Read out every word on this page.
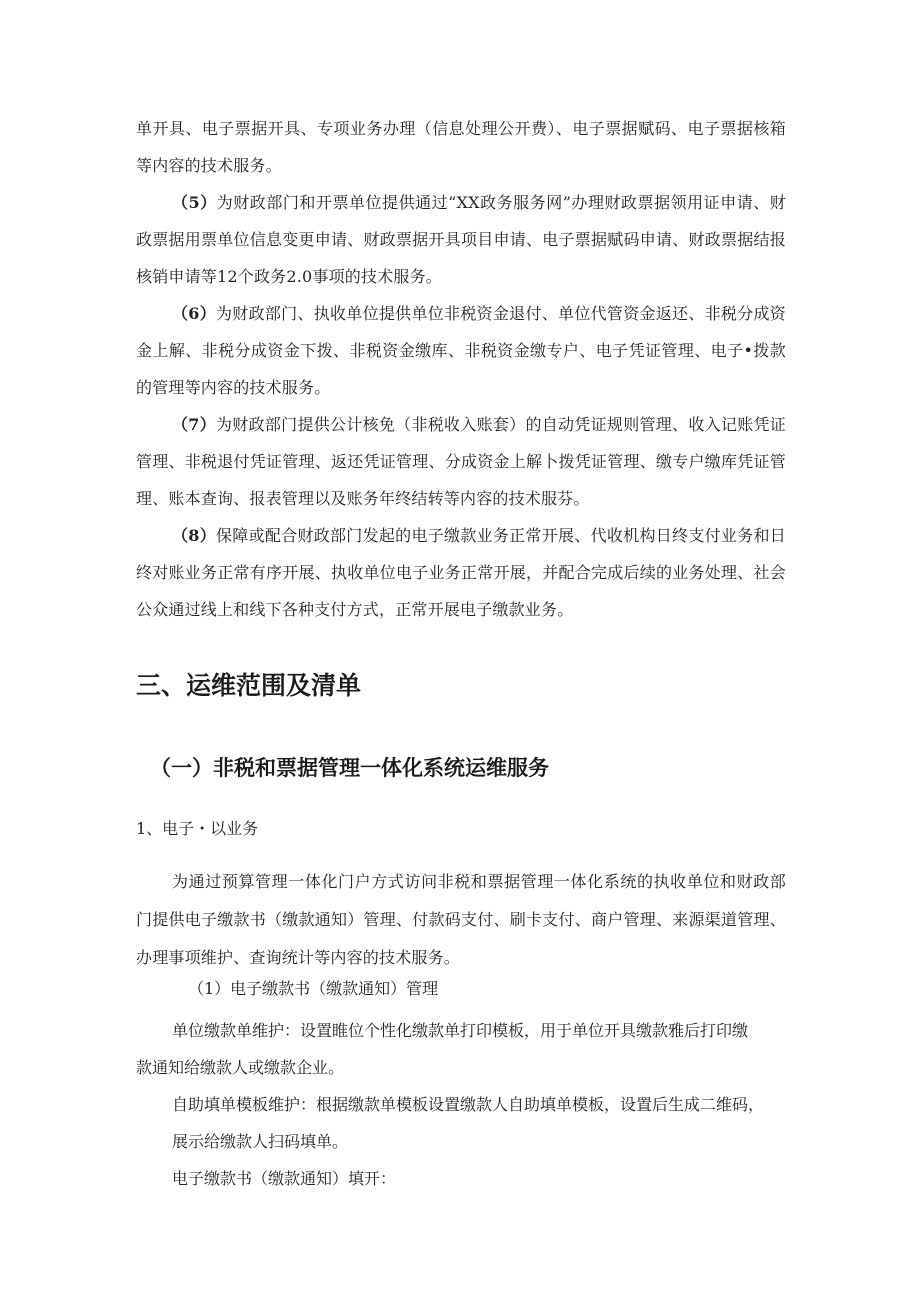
单开具、电子票据开具、专项业务办理（信息处理公开费）、电子票据赋码、电子票据核箱等内容的技术服务。

（5）为财政部门和开票单位提供通过“XX政务服务网”办理财政票据领用证申请、财政票据用票单位信息变更申请、财政票据开具项目申请、电子票据赋码申请、财政票据结报核销申请等12个政务2.0事项的技术服务。

（6）为财政部门、执收单位提供单位非税资金退付、单位代管资金返还、非税分成资金上解、非税分成资金下拨、非税资金缴库、非税资金缴专户、电子凭证管理、电子•拨款的管理等内容的技术服务。

（7）为财政部门提供公计核免（非税收入账套）的自动凭证规则管理、收入记账凭证管理、非税退付凭证管理、返还凭证管理、分成资金上解卜拨凭证管理、缴专户缴库凭证管理、账本查询、报表管理以及账务年终结转等内容的技术服芬。

（8）保障或配合财政部门发起的电子缴款业务正常开展、代收机构日终支付业务和日终对账业务正常有序开展、执收单位电子业务正常开展，并配合完成后续的业务处理、社会公众通过线上和线下各种支付方式，正常开展电子缴款业务。

三、运维范围及清单
（一）非税和票据管理一体化系统运维服务

1、电子・以业务

为通过预算管理一体化门户方式访问非税和票据管理一体化系统的执收单位和财政部门提供电子缴款书（缴款通知）管理、付款码支付、刷卡支付、商户管理、来源渠道管理、办理事项维护、查询统计等内容的技术服务。

（1）电子缴款书（缴款通知）管理

单位缴款单维护：设置睢位个性化缴款单打印模板，用于单位开具缴款雅后打印缴

款通知给缴款人或缴款企业。

自助填单模板维护：根据缴款单模板设置缴款人自助填单模板，设置后生成二维码，

展示给缴款人扫码填单。

电子缴款书（缴款通知）填开：
